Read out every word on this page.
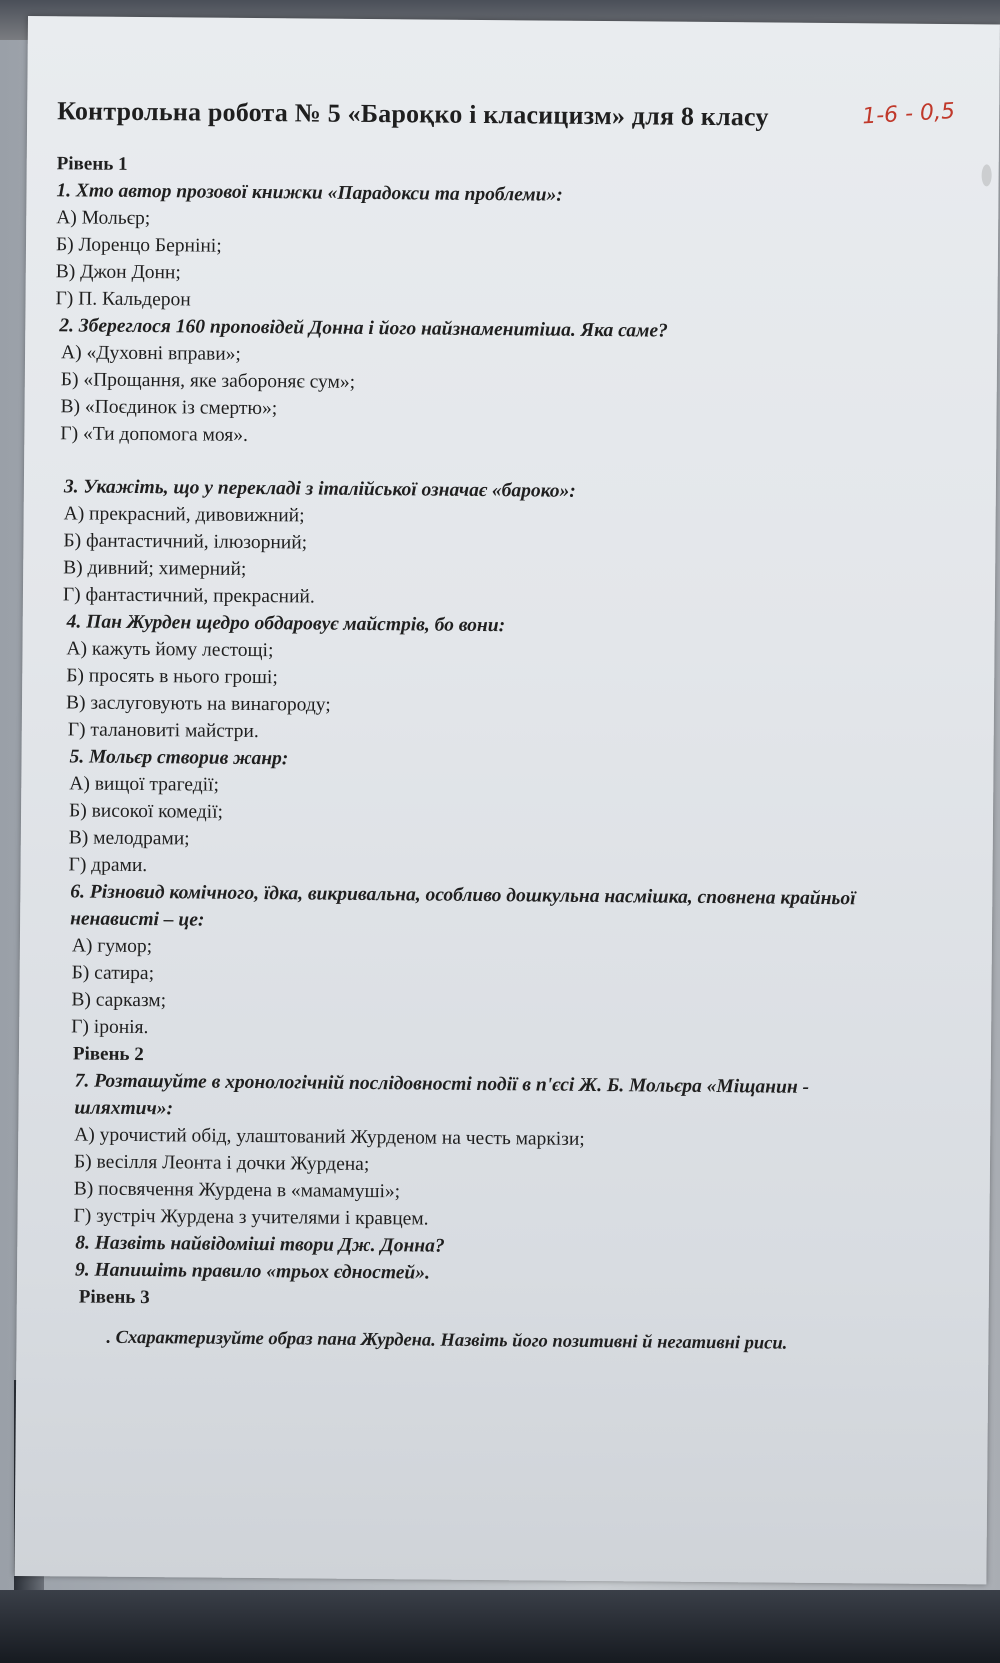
1-6 - 0,5
Контрольна робота № 5 «Бароқко і класицизм» для 8 класу

Рівень 1

1. Хто автор прозової книжки «Парадокси та проблеми»:

А) Мольєр;

Б) Лоренцо Берніні;

В) Джон Донн;

Г) П. Кальдерон

2. Збереглося 160 проповідей Донна і його найзнаменитіша. Яка саме?

А) «Духовні вправи»;

Б) «Прощання, яке забороняє сум»;

В) «Поєдинок із смертю»;

Г) «Ти допомога моя».

3. Укажіть, що у перекладі з італійської означає «бароко»:

А) прекрасний, дивовижний;

Б) фантастичний, ілюзорний;

В) дивний; химерний;

Г) фантастичний, прекрасний.

4. Пан Журден щедро обдаровує майстрів, бо вони:

А) кажуть йому лестощі;

Б) просять в нього гроші;

В) заслуговують на винагороду;

Г) талановиті майстри.

5. Мольєр створив жанр:

А) вищої трагедії;

Б) високої комедії;

В) мелодрами;

Г) драми.

6. Різновид комічного, їдка, викривальна, особливо дошкульна насмішка, сповнена крайньої ненависті – це:

А) гумор;

Б) сатира;

В) сарказм;

Г) іронія.

Рівень 2

7. Розташуйте в хронологічній послідовності події в п'єсі Ж. Б. Мольєра «Міщанин - шляхтич»:

А) урочистий обід, улаштований Журденом на честь маркізи;

Б) весілля Леонта і дочки Журдена;

В) посвячення Журдена в «мамамуші»;

Г) зустріч Журдена з учителями і кравцем.

8. Назвіть найвідоміші твори Дж. Донна?

9. Напишіть правило «трьох єдностей».

Рівень 3

. Схарактеризуйте образ пана Журдена. Назвіть його позитивні й негативні риси.
